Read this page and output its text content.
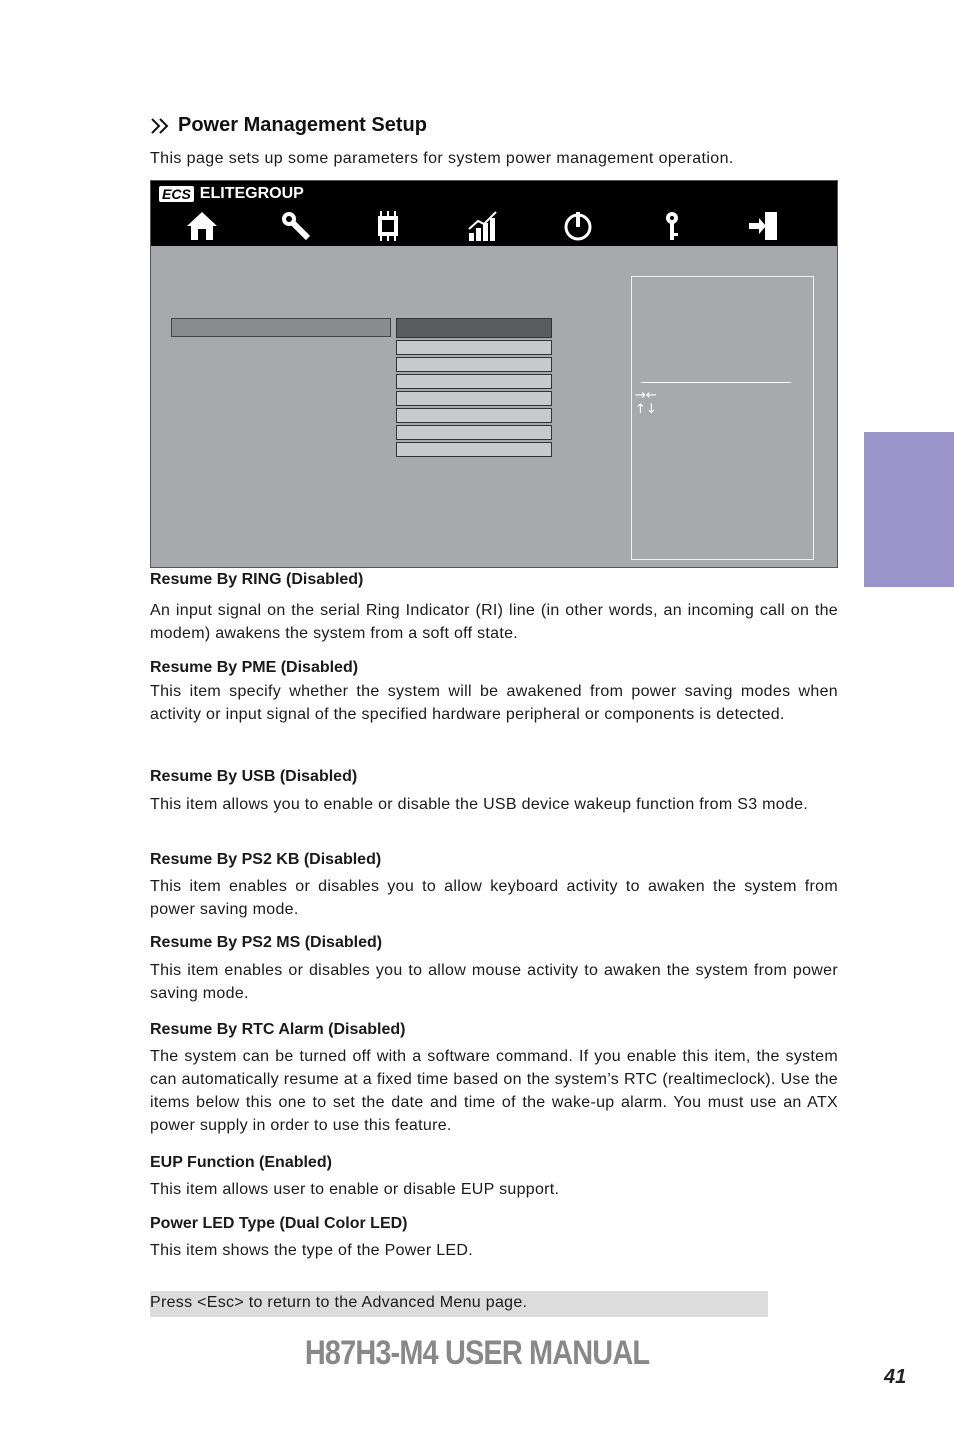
Power Management Setup
This page sets up some parameters for system power management operation.
ECS ELITEGROUP
→←
↑↓
Resume By RING (Disabled)
An input signal on the serial Ring Indicator (RI) line (in other words, an incoming call on the modem) awakens the system from a soft off state.
Resume By PME (Disabled)
This item specify whether the system will be awakened from power saving modes when activity or input signal of the specified hardware peripheral or components is detected.
Resume By USB (Disabled)
This item allows you to enable or disable the USB device wakeup function from S3 mode.
Resume By PS2 KB (Disabled)
This item enables or disables you to allow keyboard activity to awaken the system from power saving mode.
Resume By PS2 MS (Disabled)
This item enables or disables you to allow mouse activity to awaken the system from power saving mode.
Resume By RTC Alarm (Disabled)
The system can be turned off with a software command. If you enable this item, the system can automatically resume at a fixed time based on the system’s RTC (realtimeclock). Use the items below this one to set the date and time of the wake-up alarm. You must use an ATX power supply in order to use this feature.
EUP Function (Enabled)
This item allows user to enable or disable EUP support.
Power LED Type (Dual Color LED)
This item shows the type of the Power LED.
Press <Esc> to return to the Advanced Menu page.
H87H3-M4 USER MANUAL
41
